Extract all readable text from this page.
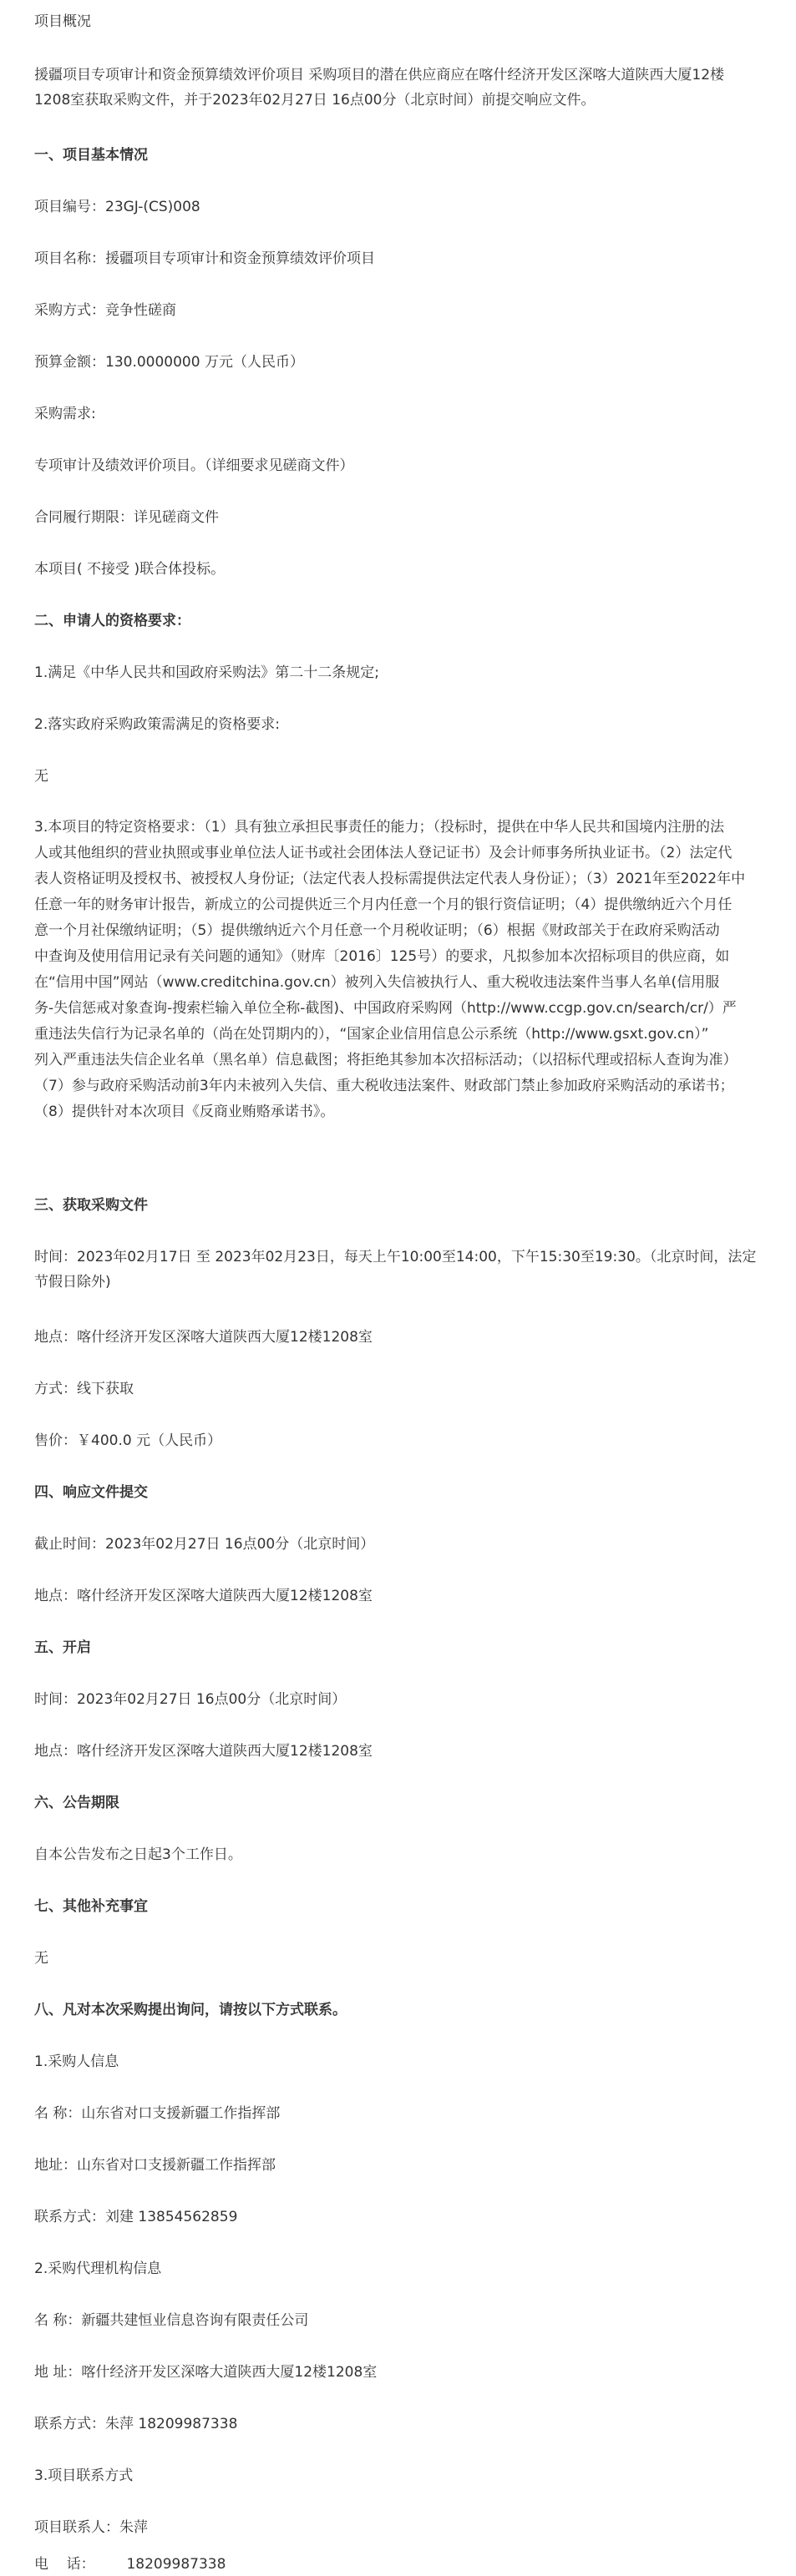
项目概况

援疆项目专项审计和资金预算绩效评价项目 采购项目的潜在供应商应在喀什经济开发区深喀大道陕西大厦12楼

1208室获取采购文件，并于2023年02月27日 16点00分（北京时间）前提交响应文件。

一、项目基本情况

项目编号：23GJ-(CS)008

项目名称：援疆项目专项审计和资金预算绩效评价项目

采购方式：竞争性磋商

预算金额：130.0000000 万元（人民币）

采购需求:

专项审计及绩效评价项目。（详细要求见磋商文件）

合同履行期限：详见磋商文件

本项目( 不接受 )联合体投标。

二、申请人的资格要求：

1.满足《中华人民共和国政府采购法》第二十二条规定;

2.落实政府采购政策需满足的资格要求:

无

3.本项目的特定资格要求：（1）具有独立承担民事责任的能力；（投标时，提供在中华人民共和国境内注册的法
人或其他组织的营业执照或事业单位法人证书或社会团体法人登记证书）及会计师事务所执业证书。（2）法定代
表人资格证明及授权书、被授权人身份证;（法定代表人投标需提供法定代表人身份证）；（3）2021年至2022年中
任意一年的财务审计报告，新成立的公司提供近三个月内任意一个月的银行资信证明；（4）提供缴纳近六个月任
意一个月社保缴纳证明；（5）提供缴纳近六个月任意一个月税收证明；（6）根据《财政部关于在政府采购活动
中查询及使用信用记录有关问题的通知》（财库〔2016〕125号）的要求，凡拟参加本次招标项目的供应商，如
在“信用中国”网站（www.creditchina.gov.cn）被列入失信被执行人、重大税收违法案件当事人名单(信用服
务-失信惩戒对象查询-搜索栏输入单位全称-截图)、中国政府采购网（http://www.ccgp.gov.cn/search/cr/）严
重违法失信行为记录名单的（尚在处罚期内的），“国家企业信用信息公示系统（http://www.gsxt.gov.cn）”
列入严重违法失信企业名单（黑名单）信息截图；将拒绝其参加本次招标活动；（以招标代理或招标人查询为准）
（7）参与政府采购活动前3年内未被列入失信、重大税收违法案件、财政部门禁止参加政府采购活动的承诺书；
（8）提供针对本次项目《反商业贿赂承诺书》。

三、获取采购文件

时间：2023年02月17日 至 2023年02月23日，每天上午10:00至14:00，下午15:30至19:30。（北京时间，法定

节假日除外)

地点：喀什经济开发区深喀大道陕西大厦12楼1208室

方式：线下获取

售价：￥400.0 元（人民币）

四、响应文件提交

截止时间：2023年02月27日 16点00分（北京时间）

地点：喀什经济开发区深喀大道陕西大厦12楼1208室

五、开启

时间：2023年02月27日 16点00分（北京时间）

地点：喀什经济开发区深喀大道陕西大厦12楼1208室

六、公告期限

自本公告发布之日起3个工作日。

七、其他补充事宜

无

八、凡对本次采购提出询问，请按以下方式联系。

1.采购人信息

名 称：山东省对口支援新疆工作指挥部

地址：山东省对口支援新疆工作指挥部

联系方式：刘建 13854562859

2.采购代理机构信息

名 称：新疆共建恒业信息咨询有限责任公司

地 址：喀什经济开发区深喀大道陕西大厦12楼1208室

联系方式：朱萍 18209987338

3.项目联系方式

项目联系人：朱萍

电    话：       18209987338
